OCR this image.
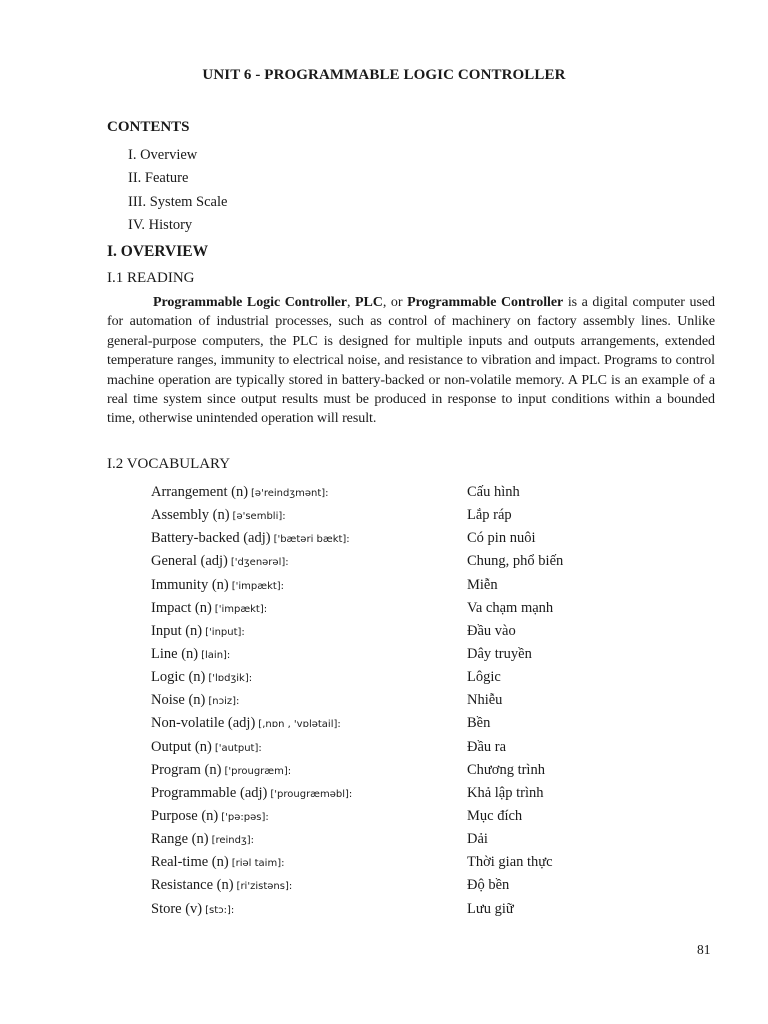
UNIT 6 - PROGRAMMABLE LOGIC CONTROLLER
CONTENTS
I. Overview
II. Feature
III. System Scale
IV. History
I. OVERVIEW
I.1 READING

Programmable Logic Controller, PLC, or Programmable Controller is a digital computer used for automation of industrial processes, such as control of machinery on factory assembly lines. Unlike general-purpose computers, the PLC is designed for multiple inputs and outputs arrangements, extended temperature ranges, immunity to electrical noise, and resistance to vibration and impact. Programs to control machine operation are typically stored in battery-backed or non-volatile memory. A PLC is an example of a real time system since output results must be produced in response to input conditions within a bounded time, otherwise unintended operation will result.

I.2 VOCABULARY
Arrangement (n) [ə'reindʒmənt]:	Cấu hình
Assembly (n) [ə'sembli]:	Lắp ráp
Battery-backed (adj) ['bætəri bækt]:	Có pin nuôi
General (adj) ['dʒenərəl]:	Chung, phổ biến
Immunity (n) ['impækt]:	Miễn
Impact (n) ['impækt]:	Va chạm mạnh
Input (n) ['input]:	Đầu vào
Line (n) [lain]:	Dây truyền
Logic (n) ['lɒdʒik]:	Lôgic
Noise (n) [nɔiz]:	Nhiễu
Non-volatile (adj) [,nɒn , 'vɒlətail]:	Bền
Output (n) ['autput]:	Đầu ra
Program (n) ['prougræm]:	Chương trình
Programmable (adj) ['prougræməbl]:	Khả lập trình
Purpose (n) ['pə:pəs]:	Mục đích
Range (n) [reindʒ]:	Dải
Real-time (n) [riəl taim]:	Thời gian thực
Resistance (n) [ri'zistəns]:	Độ bền
Store (v) [stɔ:]:	Lưu giữ
81
